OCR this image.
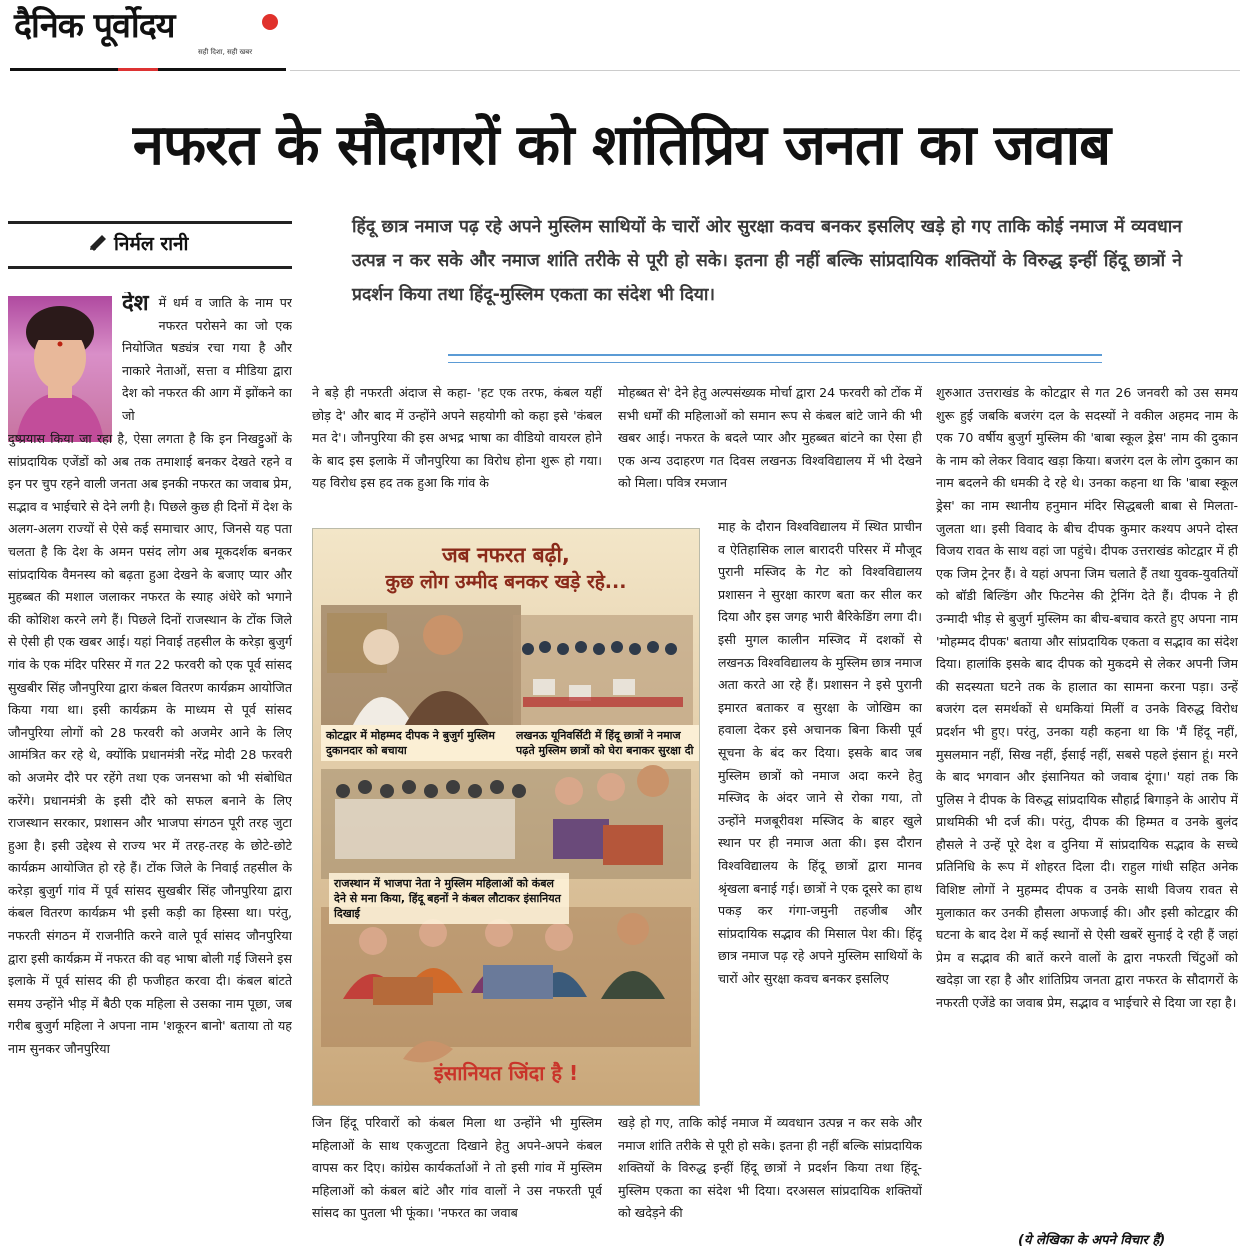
दैनिक पूर्वोदय
सही दिशा, सही खबर
नफरत के सौदागरों को शांतिप्रिय जनता का जवाब
निर्मल रानी
हिंदू छात्र नमाज पढ़ रहे अपने मुस्लिम साथियों के चारों ओर सुरक्षा कवच बनकर इसलिए खड़े हो गए ताकि कोई नमाज में व्यवधान उत्पन्न न कर सके और नमाज शांति तरीके से पूरी हो सके। इतना ही नहीं बल्कि सांप्रदायिक शक्तियों के विरुद्ध इन्हीं हिंदू छात्रों ने प्रदर्शन किया तथा हिंदू-मुस्लिम एकता का संदेश भी दिया।
देश में धर्म व जाति के नाम पर नफरत परोसने का जो एक नियोजित षड्यंत्र रचा गया है और नाकारे नेताओं, सत्ता व मीडिया द्वारा देश को नफरत की आग में झोंकने का जो
दुष्प्रयास किया जा रहा है, ऐसा लगता है कि इन निखट्टुओं के सांप्रदायिक एजेंडों को अब तक तमाशाई बनकर देखते रहने व इन पर चुप रहने वाली जनता अब इनकी नफरत का जवाब प्रेम, सद्भाव व भाईचारे से देने लगी है। पिछले कुछ ही दिनों में देश के अलग-अलग राज्यों से ऐसे कई समाचार आए, जिनसे यह पता चलता है कि देश के अमन पसंद लोग अब मूकदर्शक बनकर सांप्रदायिक वैमनस्य को बढ़ता हुआ देखने के बजाए प्यार और मुहब्बत की मशाल जलाकर नफरत के स्याह अंधेरे को भगाने की कोशिश करने लगे हैं। पिछले दिनों राजस्थान के टोंक जिले से ऐसी ही एक खबर आई। यहां निवाई तहसील के करेड़ा बुजुर्ग गांव के एक मंदिर परिसर में गत 22 फरवरी को एक पूर्व सांसद सुखबीर सिंह जौनपुरिया द्वारा कंबल वितरण कार्यक्रम आयोजित किया गया था। इसी कार्यक्रम के माध्यम से पूर्व सांसद जौनपुरिया लोगों को 28 फरवरी को अजमेर आने के लिए आमंत्रित कर रहे थे, क्योंकि प्रधानमंत्री नरेंद्र मोदी 28 फरवरी को अजमेर दौरे पर रहेंगे तथा एक जनसभा को भी संबोधित करेंगे। प्रधानमंत्री के इसी दौरे को सफल बनाने के लिए राजस्थान सरकार, प्रशासन और भाजपा संगठन पूरी तरह जुटा हुआ है। इसी उद्देश्य से राज्य भर में तरह-तरह के छोटे-छोटे कार्यक्रम आयोजित हो रहे हैं। टोंक जिले के निवाई तहसील के करेड़ा बुजुर्ग गांव में पूर्व सांसद सुखबीर सिंह जौनपुरिया द्वारा कंबल वितरण कार्यक्रम भी इसी कड़ी का हिस्सा था। परंतु, नफरती संगठन में राजनीति करने वाले पूर्व सांसद जौनपुरिया द्वारा इसी कार्यक्रम में नफरत की वह भाषा बोली गई जिसने इस इलाके में पूर्व सांसद की ही फजीहत करवा दी। कंबल बांटते समय उन्होंने भीड़ में बैठी एक महिला से उसका नाम पूछा, जब गरीब बुजुर्ग महिला ने अपना नाम 'शकूरन बानो' बताया तो यह नाम सुनकर जौनपुरिया
ने बड़े ही नफरती अंदाज से कहा- 'हट एक तरफ, कंबल यहीं छोड़ दे' और बाद में उन्होंने अपने सहयोगी को कहा इसे 'कंबल मत दे'। जौनपुरिया की इस अभद्र भाषा का वीडियो वायरल होने के बाद इस इलाके में जौनपुरिया का विरोध होना शुरू हो गया। यह विरोध इस हद तक हुआ कि गांव के
जिन हिंदू परिवारों को कंबल मिला था उन्होंने भी मुस्लिम महिलाओं के साथ एकजुटता दिखाने हेतु अपने-अपने कंबल वापस कर दिए। कांग्रेस कार्यकर्ताओं ने तो इसी गांव में मुस्लिम महिलाओं को कंबल बांटे और गांव वालों ने उस नफरती पूर्व सांसद का पुतला भी फूंका। 'नफरत का जवाब
मोहब्बत से' देने हेतु अल्पसंख्यक मोर्चा द्वारा 24 फरवरी को टोंक में सभी धर्मों की महिलाओं को समान रूप से कंबल बांटे जाने की भी खबर आई। नफरत के बदले प्यार और मुहब्बत बांटने का ऐसा ही एक अन्य उदाहरण गत दिवस लखनऊ विश्वविद्यालय में भी देखने को मिला। पवित्र रमजान
माह के दौरान विश्वविद्यालय में स्थित प्राचीन व ऐतिहासिक लाल बारादरी परिसर में मौजूद पुरानी मस्जिद के गेट को विश्वविद्यालय प्रशासन ने सुरक्षा कारण बता कर सील कर दिया और इस जगह भारी बैरिकेडिंग लगा दी। इसी मुगल कालीन मस्जिद में दशकों से लखनऊ विश्वविद्यालय के मुस्लिम छात्र नमाज अता करते आ रहे हैं। प्रशासन ने इसे पुरानी इमारत बताकर व सुरक्षा के जोखिम का हवाला देकर इसे अचानक बिना किसी पूर्व सूचना के बंद कर दिया। इसके बाद जब मुस्लिम छात्रों को नमाज अदा करने हेतु मस्जिद के अंदर जाने से रोका गया, तो उन्होंने मजबूरीवश मस्जिद के बाहर खुले स्थान पर ही नमाज अता की। इस दौरान विश्वविद्यालय के हिंदू छात्रों द्वारा मानव श्रृंखला बनाई गई। छात्रों ने एक दूसरे का हाथ पकड़ कर गंगा-जमुनी तहजीब और सांप्रदायिक सद्भाव की मिसाल पेश की। हिंदू छात्र नमाज पढ़ रहे अपने मुस्लिम साथियों के चारों ओर सुरक्षा कवच बनकर इसलिए
खड़े हो गए, ताकि कोई नमाज में व्यवधान उत्पन्न न कर सके और नमाज शांति तरीके से पूरी हो सके। इतना ही नहीं बल्कि सांप्रदायिक शक्तियों के विरुद्ध इन्हीं हिंदू छात्रों ने प्रदर्शन किया तथा हिंदू-मुस्लिम एकता का संदेश भी दिया। दरअसल सांप्रदायिक शक्तियों को खदेड़ने की
शुरुआत उत्तराखंड के कोटद्वार से गत 26 जनवरी को उस समय शुरू हुई जबकि बजरंग दल के सदस्यों ने वकील अहमद नाम के एक 70 वर्षीय बुजुर्ग मुस्लिम की 'बाबा स्कूल ड्रेस' नाम की दुकान के नाम को लेकर विवाद खड़ा किया। बजरंग दल के लोग दुकान का नाम बदलने की धमकी दे रहे थे। उनका कहना था कि 'बाबा स्कूल ड्रेस' का नाम स्थानीय हनुमान मंदिर सिद्धबली बाबा से मिलता-जुलता था। इसी विवाद के बीच दीपक कुमार कश्यप अपने दोस्त विजय रावत के साथ वहां जा पहुंचे। दीपक उत्तराखंड कोटद्वार में ही एक जिम ट्रेनर हैं। वे यहां अपना जिम चलाते हैं तथा युवक-युवतियों को बॉडी बिल्डिंग और फिटनेस की ट्रेनिंग देते हैं। दीपक ने ही उन्मादी भीड़ से बुजुर्ग मुस्लिम का बीच-बचाव करते हुए अपना नाम 'मोहम्मद दीपक' बताया और सांप्रदायिक एकता व सद्भाव का संदेश दिया। हालांकि इसके बाद दीपक को मुकदमे से लेकर अपनी जिम की सदस्यता घटने तक के हालात का सामना करना पड़ा। उन्हें बजरंग दल समर्थकों से धमकियां मिलीं व उनके विरुद्ध विरोध प्रदर्शन भी हुए। परंतु, उनका यही कहना था कि 'मैं हिंदू नहीं, मुसलमान नहीं, सिख नहीं, ईसाई नहीं, सबसे पहले इंसान हूं। मरने के बाद भगवान और इंसानियत को जवाब दूंगा।' यहां तक कि पुलिस ने दीपक के विरुद्ध सांप्रदायिक सौहार्द्र बिगाड़ने के आरोप में प्राथमिकी भी दर्ज की। परंतु, दीपक की हिम्मत व उनके बुलंद हौसले ने उन्हें पूरे देश व दुनिया में सांप्रदायिक सद्भाव के सच्चे प्रतिनिधि के रूप में शोहरत दिला दी। राहुल गांधी सहित अनेक विशिष्ट लोगों ने मुहम्मद दीपक व उनके साथी विजय रावत से मुलाकात कर उनकी हौसला अफजाई की। और इसी कोटद्वार की घटना के बाद देश में कई स्थानों से ऐसी खबरें सुनाई दे रही हैं जहां प्रेम व सद्भाव की बातें करने वालों के द्वारा नफरती चिंटुओं को खदेड़ा जा रहा है और शांतिप्रिय जनता द्वारा नफरत के सौदागरों के नफरती एजेंडे का जवाब प्रेम, सद्भाव व भाईचारे से दिया जा रहा है।
(ये लेखिका के अपने विचार हैं)
जब नफरत बढ़ी,
कुछ लोग उम्मीद बनकर खड़े रहे...
कोटद्वार में मोहम्मद दीपक ने बुजुर्ग मुस्लिम दुकानदार को बचाया
लखनऊ यूनिवर्सिटी में हिंदू छात्रों ने नमाज पढ़ते मुस्लिम छात्रों को घेरा बनाकर सुरक्षा दी
राजस्थान में भाजपा नेता ने मुस्लिम महिलाओं को कंबल देने से मना किया, हिंदू बहनों ने कंबल लौटाकर इंसानियत दिखाई
इंसानियत जिंदा है !
